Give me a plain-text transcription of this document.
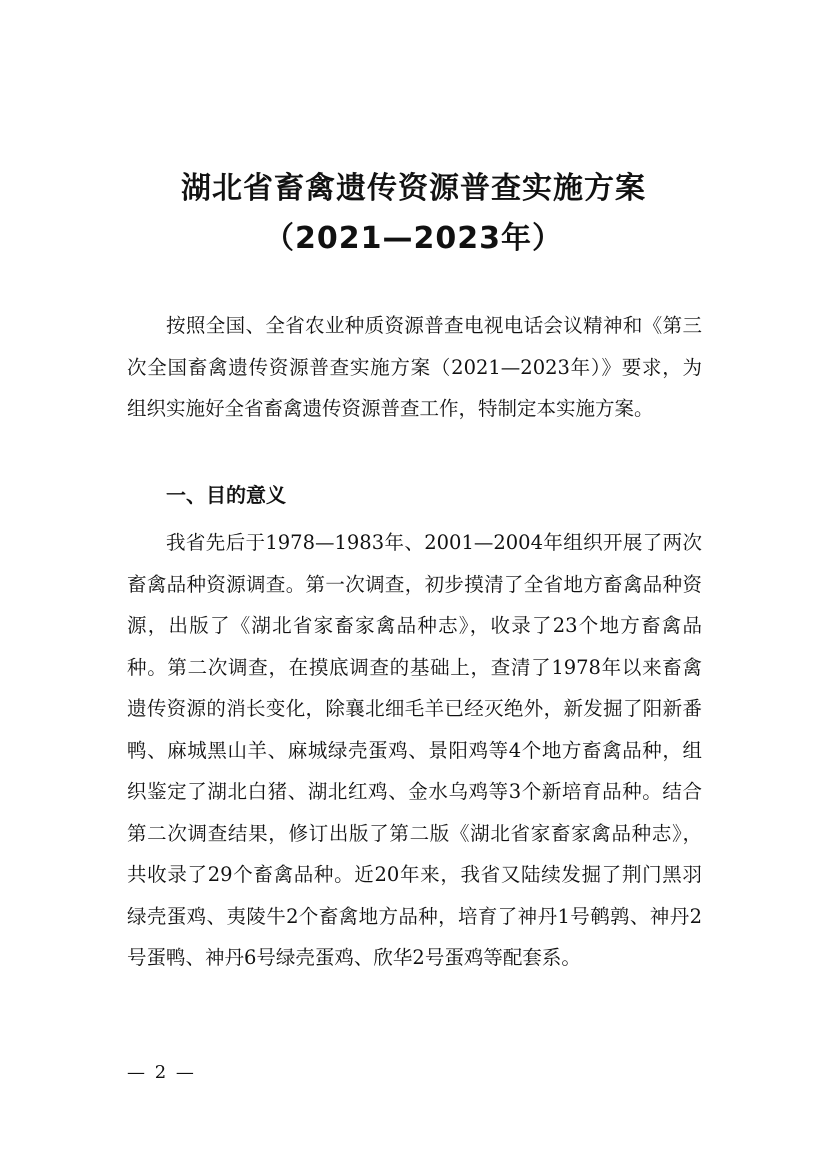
湖北省畜禽遗传资源普查实施方案
（2021—2023年）

按照全国、全省农业种质资源普查电视电话会议精神和《第三次全国畜禽遗传资源普查实施方案（2021—2023年）》要求，为组织实施好全省畜禽遗传资源普查工作，特制定本实施方案。

一、目的意义

我省先后于1978—1983年、2001—2004年组织开展了两次畜禽品种资源调查。第一次调查，初步摸清了全省地方畜禽品种资源，出版了《湖北省家畜家禽品种志》，收录了23个地方畜禽品种。第二次调查，在摸底调查的基础上，查清了1978年以来畜禽遗传资源的消长变化，除襄北细毛羊已经灭绝外，新发掘了阳新番鸭、麻城黑山羊、麻城绿壳蛋鸡、景阳鸡等4个地方畜禽品种，组织鉴定了湖北白猪、湖北红鸡、金水乌鸡等3个新培育品种。结合第二次调查结果，修订出版了第二版《湖北省家畜家禽品种志》，共收录了29个畜禽品种。近20年来，我省又陆续发掘了荆门黑羽绿壳蛋鸡、夷陵牛2个畜禽地方品种，培育了神丹1号鹌鹑、神丹2号蛋鸭、神丹6号绿壳蛋鸡、欣华2号蛋鸡等配套系。

— 2 —
